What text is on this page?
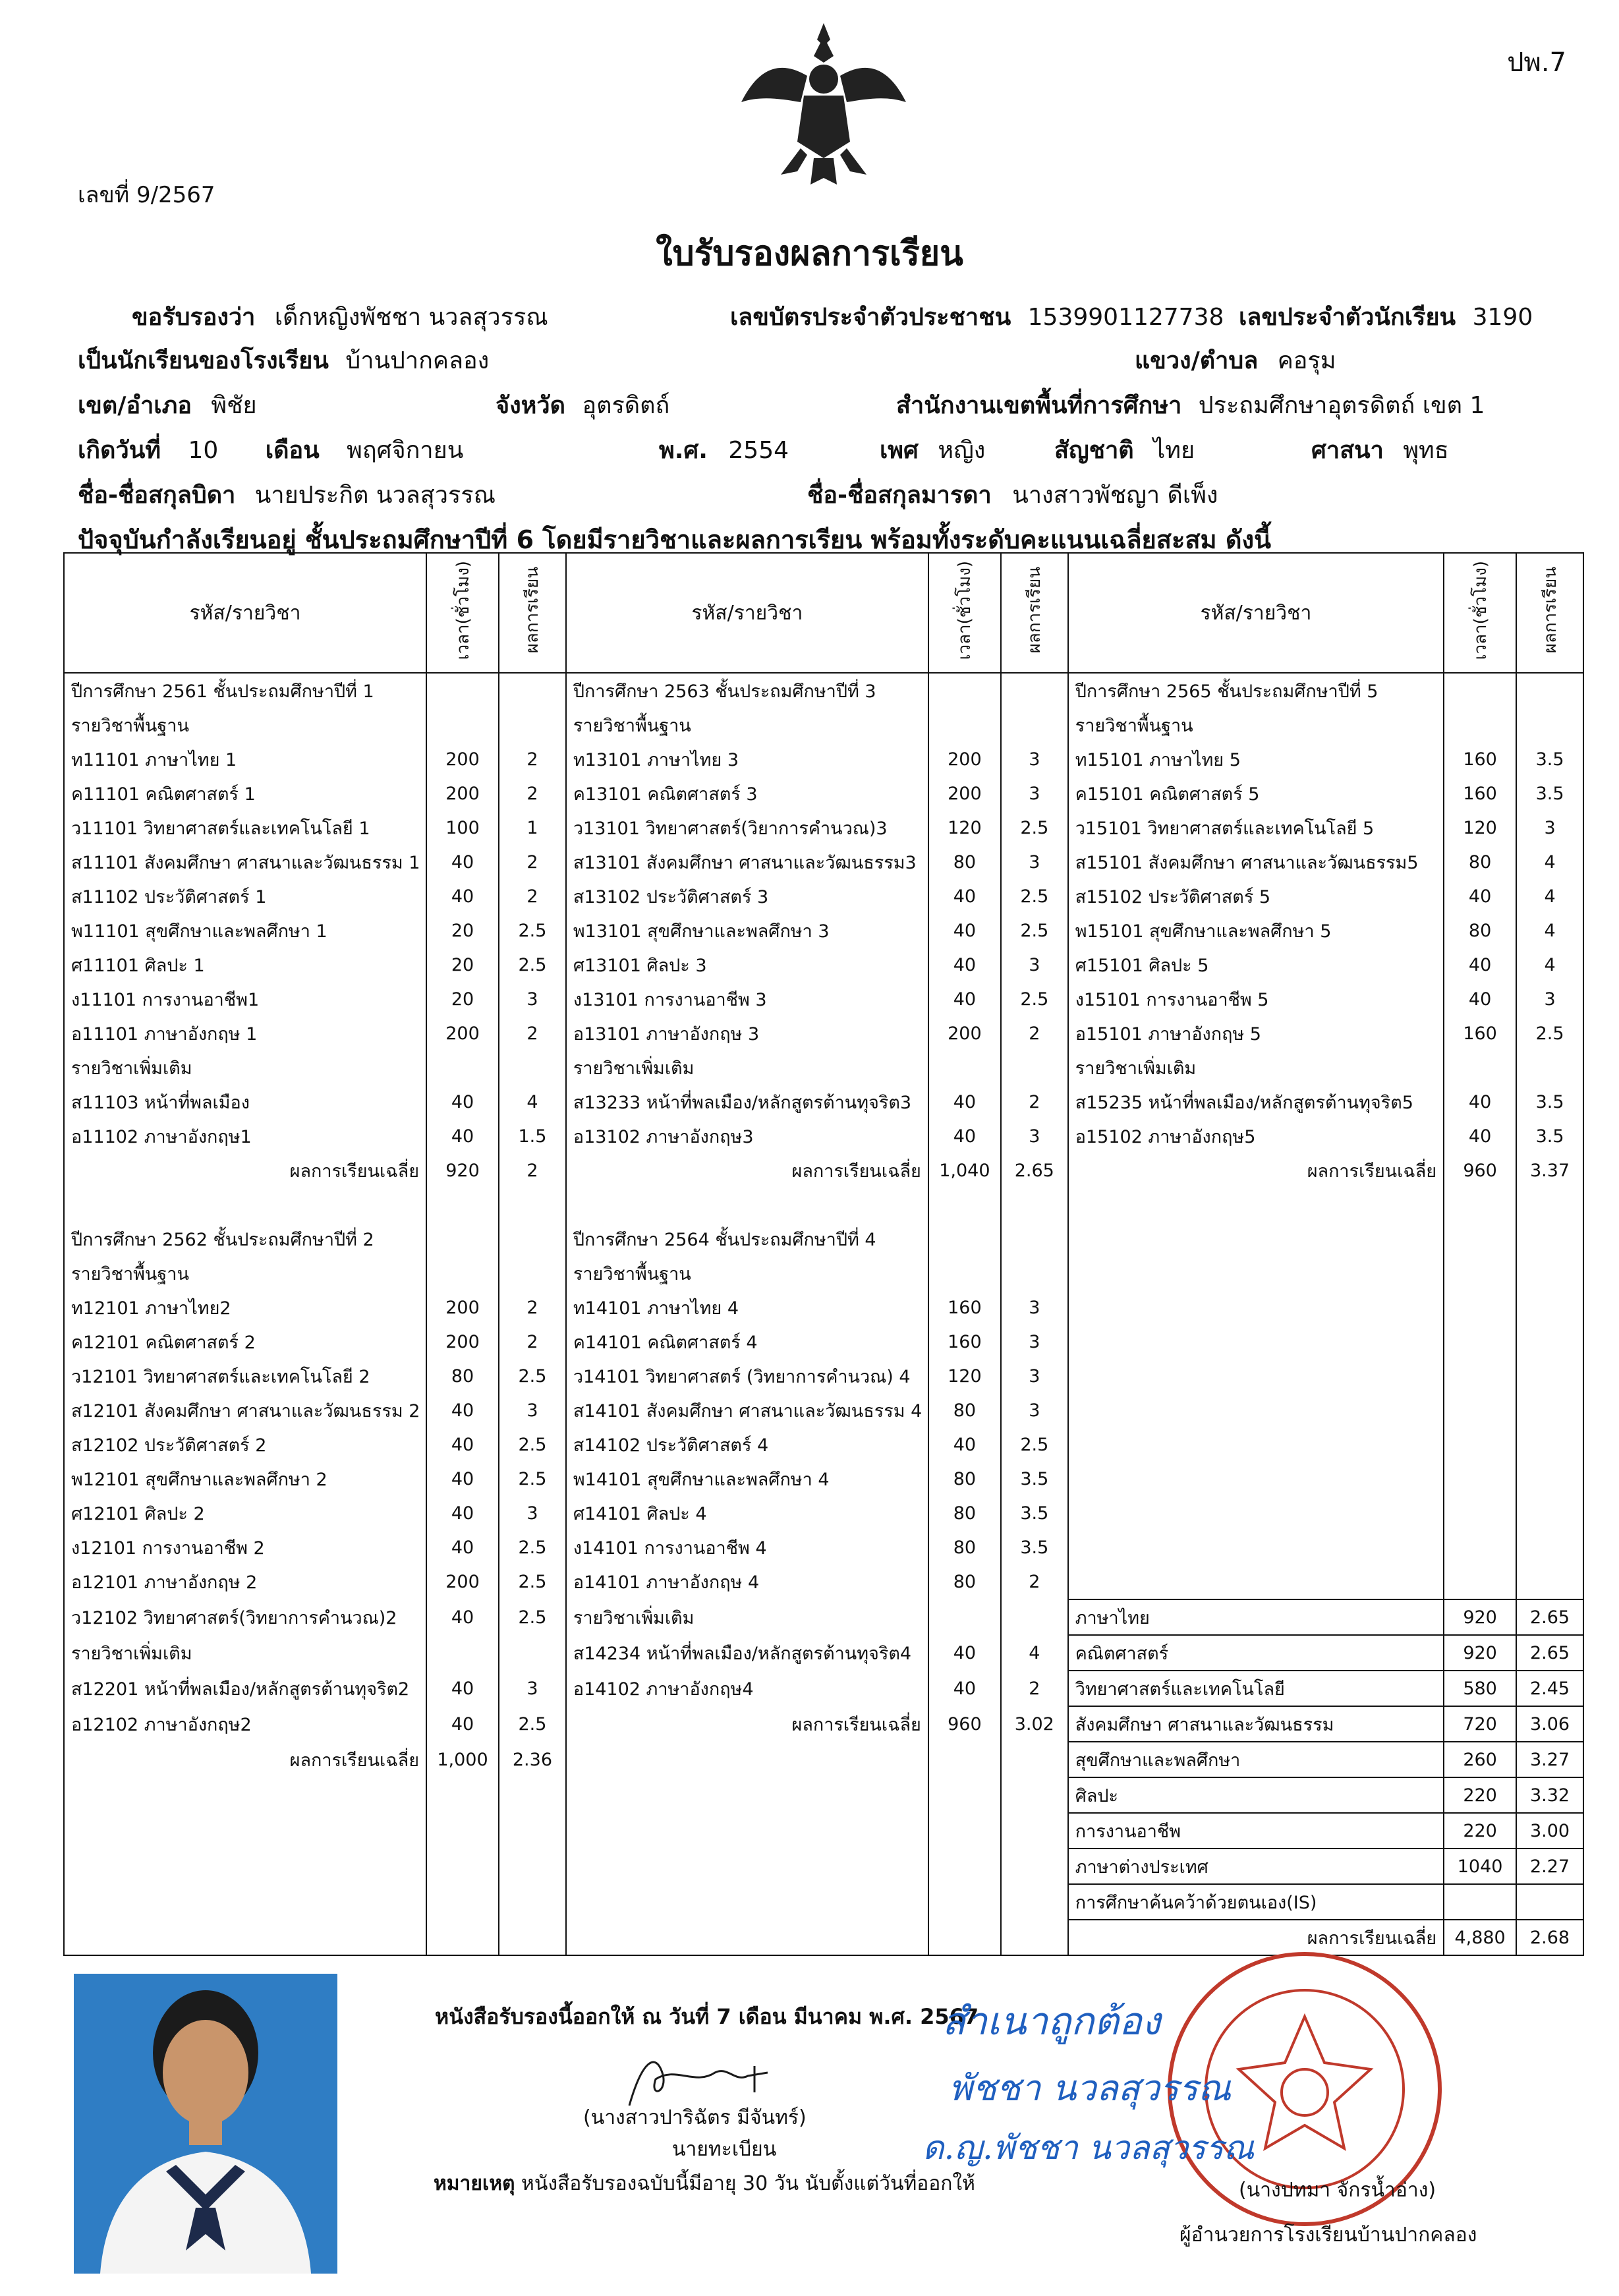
ปพ.7
เลขที่ 9/2567
ใบรับรองผลการเรียน
ขอรับรองว่า เด็กหญิงพัชชา นวลสุวรรณ	เลขบัตรประจำตัวประชาชน 1539901127738 เลขประจำตัวนักเรียน 3190
เป็นนักเรียนของโรงเรียน บ้านปากคลอง	แขวง/ตำบล คอรุม
เขต/อำเภอ พิชัย	จังหวัด อุตรดิตถ์	สำนักงานเขตพื้นที่การศึกษา ประถมศึกษาอุตรดิตถ์ เขต 1
เกิดวันที่ 10 เดือน พฤศจิกายน	พ.ศ. 2554	เพศ หญิง	สัญชาติ ไทย	ศาสนา พุทธ
ชื่อ-ชื่อสกุลบิดา นายประกิต นวลสุวรรณ	ชื่อ-ชื่อสกุลมารดา นางสาวพัชญา ดีเพ็ง
ปัจจุบันกำลังเรียนอยู่ ชั้นประถมศึกษาปีที่ 6 โดยมีรายวิชาและผลการเรียน พร้อมทั้งระดับคะแนนเฉลี่ยสะสม ดังนี้
รหัส/รายวิชา	เวลา(ชั่วโมง)	ผลการเรียน	รหัส/รายวิชา	เวลา(ชั่วโมง)	ผลการเรียน	รหัส/รายวิชา	เวลา(ชั่วโมง)	ผลการเรียน
ปีการศึกษา 2561 ชั้นประถมศึกษาปีที่ 1			ปีการศึกษา 2563 ชั้นประถมศึกษาปีที่ 3			ปีการศึกษา 2565 ชั้นประถมศึกษาปีที่ 5		
รายวิชาพื้นฐาน			รายวิชาพื้นฐาน			รายวิชาพื้นฐาน		
ท11101 ภาษาไทย 1	200	2	ท13101 ภาษาไทย 3	200	3	ท15101 ภาษาไทย 5	160	3.5
ค11101 คณิตศาสตร์ 1	200	2	ค13101 คณิตศาสตร์ 3	200	3	ค15101 คณิตศาสตร์ 5	160	3.5
ว11101 วิทยาศาสตร์และเทคโนโลยี 1	100	1	ว13101 วิทยาศาสตร์(วิยาการคำนวณ)3	120	2.5	ว15101 วิทยาศาสตร์และเทคโนโลยี 5	120	3
ส11101 สังคมศึกษา ศาสนาและวัฒนธรรม 1	40	2	ส13101 สังคมศึกษา ศาสนาและวัฒนธรรม3	80	3	ส15101 สังคมศึกษา ศาสนาและวัฒนธรรม5	80	4
ส11102 ประวัติศาสตร์ 1	40	2	ส13102 ประวัติศาสตร์ 3	40	2.5	ส15102 ประวัติศาสตร์ 5	40	4
พ11101 สุขศึกษาและพลศึกษา 1	20	2.5	พ13101 สุขศึกษาและพลศึกษา 3	40	2.5	พ15101 สุขศึกษาและพลศึกษา 5	80	4
ศ11101 ศิลปะ 1	20	2.5	ศ13101 ศิลปะ 3	40	3	ศ15101 ศิลปะ 5	40	4
ง11101 การงานอาชีพ1	20	3	ง13101 การงานอาชีพ 3	40	2.5	ง15101 การงานอาชีพ 5	40	3
อ11101 ภาษาอังกฤษ 1	200	2	อ13101 ภาษาอังกฤษ 3	200	2	อ15101 ภาษาอังกฤษ 5	160	2.5
รายวิชาเพิ่มเติม			รายวิชาเพิ่มเติม			รายวิชาเพิ่มเติม		
ส11103 หน้าที่พลเมือง	40	4	ส13233 หน้าที่พลเมือง/หลักสูตรต้านทุจริต3	40	2	ส15235 หน้าที่พลเมือง/หลักสูตรต้านทุจริต5	40	3.5
อ11102 ภาษาอังกฤษ1	40	1.5	อ13102 ภาษาอังกฤษ3	40	3	อ15102 ภาษาอังกฤษ5	40	3.5
ผลการเรียนเฉลี่ย	920	2	ผลการเรียนเฉลี่ย	1,040	2.65	ผลการเรียนเฉลี่ย	960	3.37

ปีการศึกษา 2562 ชั้นประถมศึกษาปีที่ 2			ปีการศึกษา 2564 ชั้นประถมศึกษาปีที่ 4					
รายวิชาพื้นฐาน			รายวิชาพื้นฐาน					
ท12101 ภาษาไทย2	200	2	ท14101 ภาษาไทย 4	160	3			
ค12101 คณิตศาสตร์ 2	200	2	ค14101 คณิตศาสตร์ 4	160	3			
ว12101 วิทยาศาสตร์และเทคโนโลยี 2	80	2.5	ว14101 วิทยาศาสตร์ (วิทยาการคำนวณ) 4	120	3			
ส12101 สังคมศึกษา ศาสนาและวัฒนธรรม 2	40	3	ส14101 สังคมศึกษา ศาสนาและวัฒนธรรม 4	80	3			
ส12102 ประวัติศาสตร์ 2	40	2.5	ส14102 ประวัติศาสตร์ 4	40	2.5			
พ12101 สุขศึกษาและพลศึกษา 2	40	2.5	พ14101 สุขศึกษาและพลศึกษา 4	80	3.5			
ศ12101 ศิลปะ 2	40	3	ศ14101 ศิลปะ 4	80	3.5			
ง12101 การงานอาชีพ 2	40	2.5	ง14101 การงานอาชีพ 4	80	3.5			
อ12101 ภาษาอังกฤษ 2	200	2.5	อ14101 ภาษาอังกฤษ 4	80	2			
ว12102 วิทยาศาสตร์(วิทยาการคำนวณ)2	40	2.5	รายวิชาเพิ่มเติม			ภาษาไทย	920	2.65
รายวิชาเพิ่มเติม			ส14234 หน้าที่พลเมือง/หลักสูตรต้านทุจริต4	40	4	คณิตศาสตร์	920	2.65
ส12201 หน้าที่พลเมือง/หลักสูตรต้านทุจริต2	40	3	อ14102 ภาษาอังกฤษ4	40	2	วิทยาศาสตร์และเทคโนโลยี	580	2.45
อ12102 ภาษาอังกฤษ2	40	2.5	ผลการเรียนเฉลี่ย	960	3.02	สังคมศึกษา ศาสนาและวัฒนธรรม	720	3.06
ผลการเรียนเฉลี่ย	1,000	2.36				สุขศึกษาและพลศึกษา	260	3.27
						ศิลปะ	220	3.32
						การงานอาชีพ	220	3.00
						ภาษาต่างประเทศ	1040	2.27
						การศึกษาค้นคว้าด้วยตนเอง(IS)		
						ผลการเรียนเฉลี่ย	4,880	2.68
หนังสือรับรองนี้ออกให้ ณ วันที่ 7 เดือน มีนาคม พ.ศ. 2567
(นางสาวปาริฉัตร มีจันทร์)
นายทะเบียน
หมายเหตุ หนังสือรับรองฉบับนี้มีอายุ 30 วัน นับตั้งแต่วันที่ออกให้
สำเนาถูกต้อง
พัชชา นวลสุวรรณ
ด.ญ.พัชชา นวลสุวรรณ
(นางปทมา จักรน้ำอ่าง)
ผู้อำนวยการโรงเรียนบ้านปากคลอง
